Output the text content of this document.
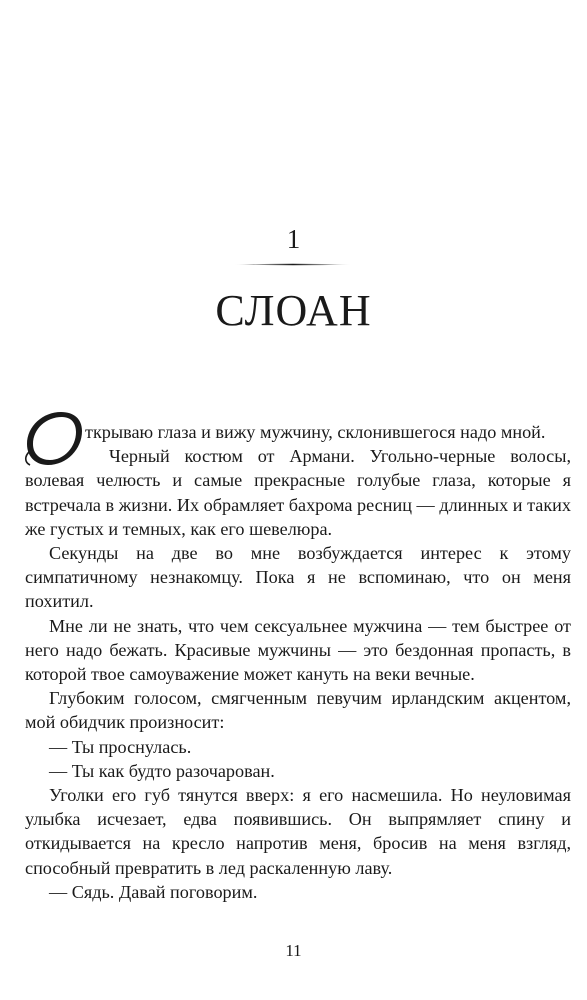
1
СЛОАН

ткрываю глаза и вижу мужчину, склонившегося надо мной.

Черный костюм от Армани. Угольно-черные волосы, волевая челюсть и самые прекрасные голубые глаза, которые я встречала в жизни. Их обрамляет бахрома ресниц — длинных и таких же густых и темных, как его шевелюра.

Секунды на две во мне возбуждается интерес к этому симпатичному незнакомцу. Пока я не вспоминаю, что он меня похитил.

Мне ли не знать, что чем сексуальнее мужчина — тем быстрее от него надо бежать. Красивые мужчины — это бездонная пропасть, в которой твое самоуважение может кануть на веки вечные.

Глубоким голосом, смягченным певучим ирландским акцентом, мой обидчик произносит:

— Ты проснулась.

— Ты как будто разочарован.

Уголки его губ тянутся вверх: я его насмешила. Но неуловимая улыбка исчезает, едва появившись. Он выпрямляет спину и откидывается на кресло напротив меня, бросив на меня взгляд, способный превратить в лед раскаленную лаву.

— Сядь. Давай поговорим.

11
